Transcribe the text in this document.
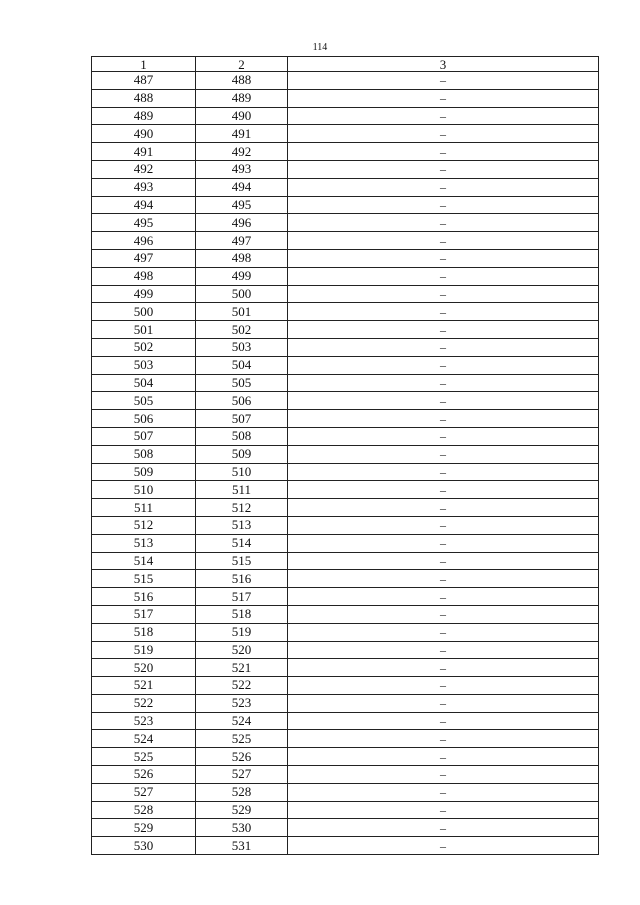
114
1	2	3
487	488	–
488	489	–
489	490	–
490	491	–
491	492	–
492	493	–
493	494	–
494	495	–
495	496	–
496	497	–
497	498	–
498	499	–
499	500	–
500	501	–
501	502	–
502	503	–
503	504	–
504	505	–
505	506	–
506	507	–
507	508	–
508	509	–
509	510	–
510	511	–
511	512	–
512	513	–
513	514	–
514	515	–
515	516	–
516	517	–
517	518	–
518	519	–
519	520	–
520	521	–
521	522	–
522	523	–
523	524	–
524	525	–
525	526	–
526	527	–
527	528	–
528	529	–
529	530	–
530	531	–
